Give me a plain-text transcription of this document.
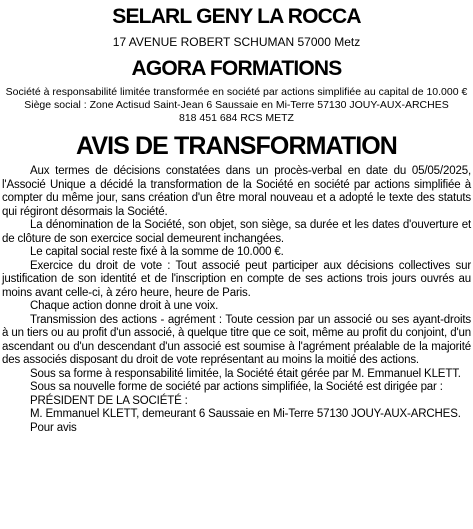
SELARL GENY LA ROCCA
17 AVENUE ROBERT SCHUMAN 57000 Metz
AGORA FORMATIONS
Société à responsabilité limitée transformée en société par actions simplifiée au capital de 10.000 €
Siège social : Zone Actisud Saint-Jean 6 Saussaie en Mi-Terre 57130 JOUY-AUX-ARCHES
818 451 684 RCS METZ
AVIS DE TRANSFORMATION

Aux termes de décisions constatées dans un procès-verbal en date du 05/05/2025, l'Associé Unique a décidé la transformation de la Société en société par actions simplifiée à compter du même jour, sans création d'un être moral nouveau et a adopté le texte des statuts qui régiront désormais la Société.

La dénomination de la Société, son objet, son siège, sa durée et les dates d'ouverture et de clôture de son exercice social demeurent inchangées.

Le capital social reste fixé à la somme de 10.000 €.

Exercice du droit de vote : Tout associé peut participer aux décisions collectives sur justification de son identité et de l'inscription en compte de ses actions trois jours ouvrés au moins avant celle-ci, à zéro heure, heure de Paris.

Chaque action donne droit à une voix.

Transmission des actions - agrément : Toute cession par un associé ou ses ayant-droits à un tiers ou au profit d'un associé, à quelque titre que ce soit, même au profit du conjoint, d'un ascendant ou d'un descendant d'un associé est soumise à l'agrément préalable de la majorité des associés disposant du droit de vote représentant au moins la moitié des actions.

Sous sa forme à responsabilité limitée, la Société était gérée par M. Emmanuel KLETT.

Sous sa nouvelle forme de société par actions simplifiée, la Société est dirigée par :

PRÉSIDENT DE LA SOCIÉTÉ :

M. Emmanuel KLETT, demeurant 6 Saussaie en Mi-Terre 57130 JOUY-AUX-ARCHES.

Pour avis
